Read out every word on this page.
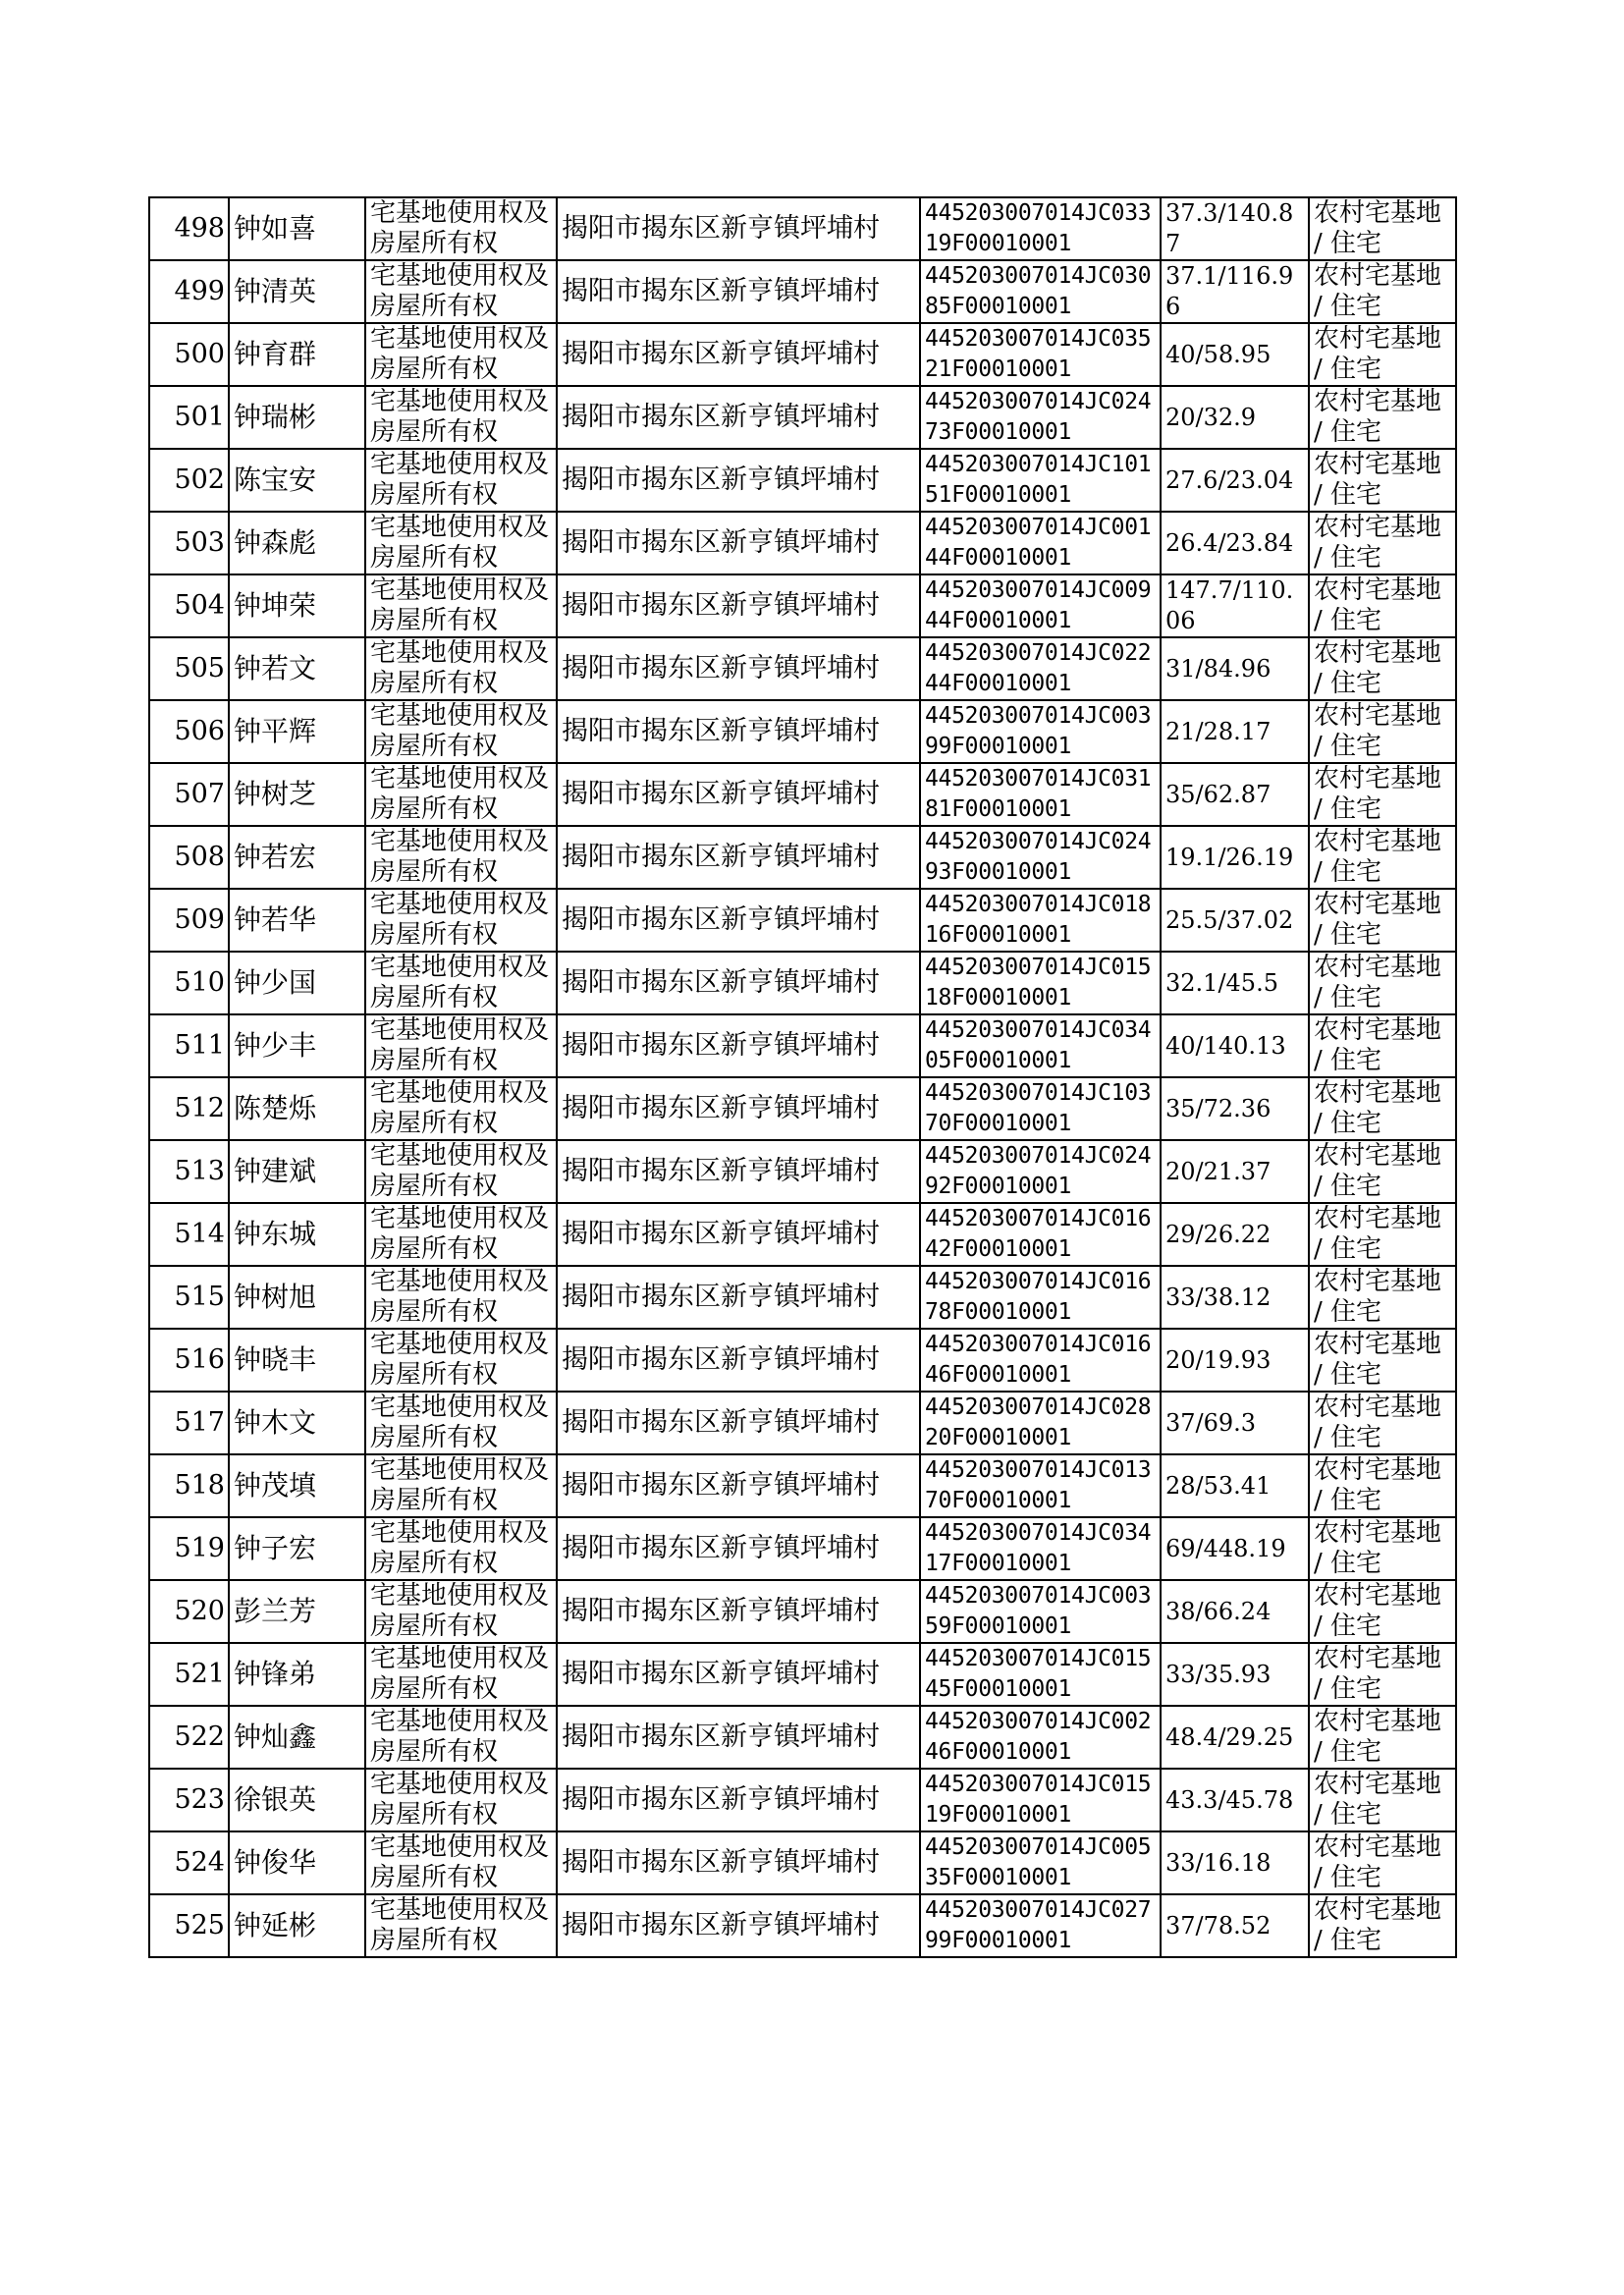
498	钟如喜	宅基地使用权及房屋所有权	揭阳市揭东区新亨镇坪埔村	445203007014JC03319F00010001	37.3/140.87	农村宅基地 / 住宅
499	钟清英	宅基地使用权及房屋所有权	揭阳市揭东区新亨镇坪埔村	445203007014JC03085F00010001	37.1/116.96	农村宅基地 / 住宅
500	钟育群	宅基地使用权及房屋所有权	揭阳市揭东区新亨镇坪埔村	445203007014JC03521F00010001	40/58.95	农村宅基地 / 住宅
501	钟瑞彬	宅基地使用权及房屋所有权	揭阳市揭东区新亨镇坪埔村	445203007014JC02473F00010001	20/32.9	农村宅基地 / 住宅
502	陈宝安	宅基地使用权及房屋所有权	揭阳市揭东区新亨镇坪埔村	445203007014JC10151F00010001	27.6/23.04	农村宅基地 / 住宅
503	钟森彪	宅基地使用权及房屋所有权	揭阳市揭东区新亨镇坪埔村	445203007014JC00144F00010001	26.4/23.84	农村宅基地 / 住宅
504	钟坤荣	宅基地使用权及房屋所有权	揭阳市揭东区新亨镇坪埔村	445203007014JC00944F00010001	147.7/110.06	农村宅基地 / 住宅
505	钟若文	宅基地使用权及房屋所有权	揭阳市揭东区新亨镇坪埔村	445203007014JC02244F00010001	31/84.96	农村宅基地 / 住宅
506	钟平辉	宅基地使用权及房屋所有权	揭阳市揭东区新亨镇坪埔村	445203007014JC00399F00010001	21/28.17	农村宅基地 / 住宅
507	钟树芝	宅基地使用权及房屋所有权	揭阳市揭东区新亨镇坪埔村	445203007014JC03181F00010001	35/62.87	农村宅基地 / 住宅
508	钟若宏	宅基地使用权及房屋所有权	揭阳市揭东区新亨镇坪埔村	445203007014JC02493F00010001	19.1/26.19	农村宅基地 / 住宅
509	钟若华	宅基地使用权及房屋所有权	揭阳市揭东区新亨镇坪埔村	445203007014JC01816F00010001	25.5/37.02	农村宅基地 / 住宅
510	钟少国	宅基地使用权及房屋所有权	揭阳市揭东区新亨镇坪埔村	445203007014JC01518F00010001	32.1/45.5	农村宅基地 / 住宅
511	钟少丰	宅基地使用权及房屋所有权	揭阳市揭东区新亨镇坪埔村	445203007014JC03405F00010001	40/140.13	农村宅基地 / 住宅
512	陈楚烁	宅基地使用权及房屋所有权	揭阳市揭东区新亨镇坪埔村	445203007014JC10370F00010001	35/72.36	农村宅基地 / 住宅
513	钟建斌	宅基地使用权及房屋所有权	揭阳市揭东区新亨镇坪埔村	445203007014JC02492F00010001	20/21.37	农村宅基地 / 住宅
514	钟东城	宅基地使用权及房屋所有权	揭阳市揭东区新亨镇坪埔村	445203007014JC01642F00010001	29/26.22	农村宅基地 / 住宅
515	钟树旭	宅基地使用权及房屋所有权	揭阳市揭东区新亨镇坪埔村	445203007014JC01678F00010001	33/38.12	农村宅基地 / 住宅
516	钟晓丰	宅基地使用权及房屋所有权	揭阳市揭东区新亨镇坪埔村	445203007014JC01646F00010001	20/19.93	农村宅基地 / 住宅
517	钟木文	宅基地使用权及房屋所有权	揭阳市揭东区新亨镇坪埔村	445203007014JC02820F00010001	37/69.3	农村宅基地 / 住宅
518	钟茂填	宅基地使用权及房屋所有权	揭阳市揭东区新亨镇坪埔村	445203007014JC01370F00010001	28/53.41	农村宅基地 / 住宅
519	钟子宏	宅基地使用权及房屋所有权	揭阳市揭东区新亨镇坪埔村	445203007014JC03417F00010001	69/448.19	农村宅基地 / 住宅
520	彭兰芳	宅基地使用权及房屋所有权	揭阳市揭东区新亨镇坪埔村	445203007014JC00359F00010001	38/66.24	农村宅基地 / 住宅
521	钟锋弟	宅基地使用权及房屋所有权	揭阳市揭东区新亨镇坪埔村	445203007014JC01545F00010001	33/35.93	农村宅基地 / 住宅
522	钟灿鑫	宅基地使用权及房屋所有权	揭阳市揭东区新亨镇坪埔村	445203007014JC00246F00010001	48.4/29.25	农村宅基地 / 住宅
523	徐银英	宅基地使用权及房屋所有权	揭阳市揭东区新亨镇坪埔村	445203007014JC01519F00010001	43.3/45.78	农村宅基地 / 住宅
524	钟俊华	宅基地使用权及房屋所有权	揭阳市揭东区新亨镇坪埔村	445203007014JC00535F00010001	33/16.18	农村宅基地 / 住宅
525	钟延彬	宅基地使用权及房屋所有权	揭阳市揭东区新亨镇坪埔村	445203007014JC02799F00010001	37/78.52	农村宅基地 / 住宅
